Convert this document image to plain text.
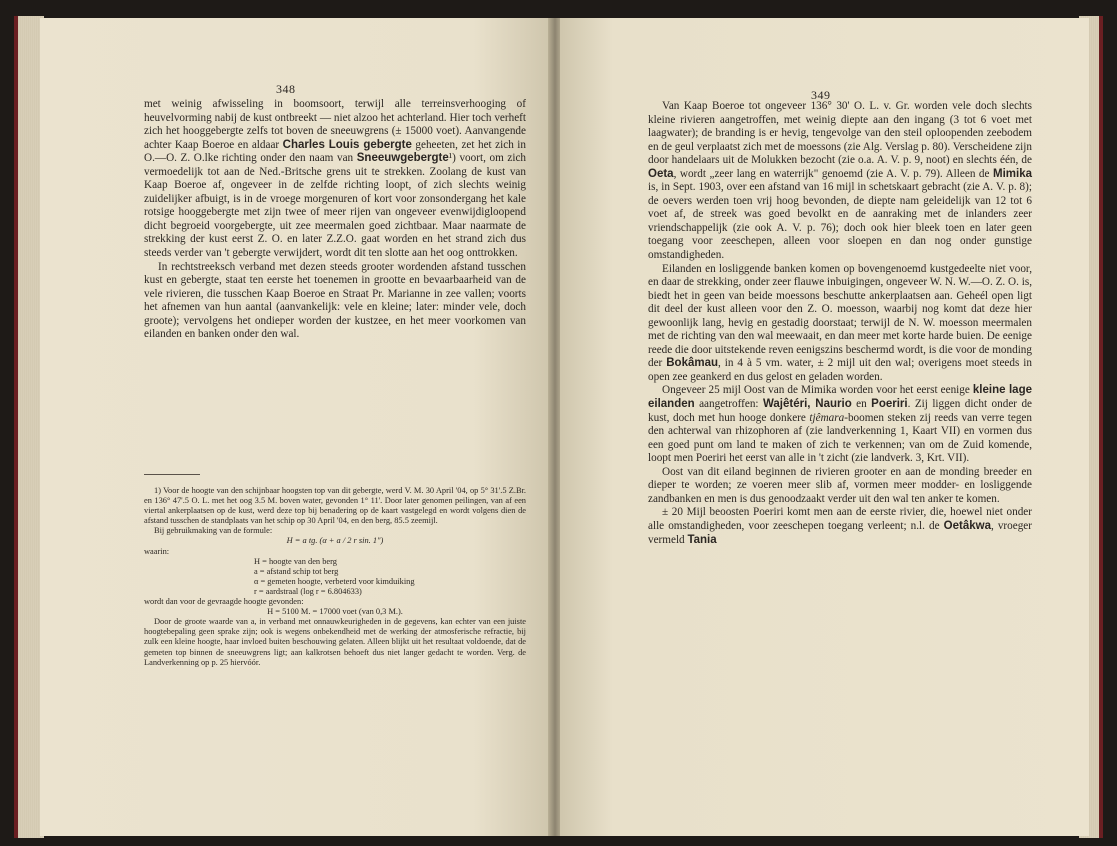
348

met weinig afwisseling in boomsoort, terwijl alle terreinsverhooging of heuvelvorming nabij de kust ontbreekt — niet alzoo het achterland. Hier toch verheft zich het hooggebergte zelfs tot boven de sneeuwgrens (± 15000 voet). Aanvangende achter Kaap Boeroe en aldaar Charles Louis gebergte geheeten, zet het zich in O.—O. Z. O.lke richting onder den naam van Sneeuwgebergte¹) voort, om zich vermoedelijk tot aan de Ned.-Britsche grens uit te strekken. Zoolang de kust van Kaap Boeroe af, ongeveer in de zelfde richting loopt, of zich slechts weinig zuidelijker afbuigt, is in de vroege morgenuren of kort voor zonsondergang het kale rotsige hooggebergte met zijn twee of meer rijen van ongeveer evenwijdigloopend dicht begroeid voorgebergte, uit zee meermalen goed zichtbaar. Maar naarmate de strekking der kust eerst Z. O. en later Z.Z.O. gaat worden en het strand zich dus steeds verder van 't gebergte verwijdert, wordt dit ten slotte aan het oog onttrokken.

In rechtstreeksch verband met dezen steeds grooter wordenden afstand tusschen kust en gebergte, staat ten eerste het toenemen in grootte en bevaarbaarheid van de vele rivieren, die tusschen Kaap Boeroe en Straat Pr. Marianne in zee vallen; voorts het afnemen van hun aantal (aanvankelijk: vele en kleine; later: minder vele, doch groote); vervolgens het ondieper worden der kustzee, en het meer voorkomen van eilanden en banken onder den wal.

1) Voor de hoogte van den schijnbaar hoogsten top van dit gebergte, werd V. M. 30 April '04, op 5° 31'.5 Z.Br. en 136° 47'.5 O. L. met het oog 3.5 M. boven water, gevonden 1° 11'. Door later genomen peilingen, van af een viertal ankerplaatsen op de kust, werd deze top bij benadering op de kaart vastgelegd en wordt volgens dien de afstand tusschen de standplaats van het schip op 30 April '04, en den berg, 85.5 zeemijl.

Bij gebruikmaking van de formule:

H = a tg. (α + a / 2 r sin. 1")

waarin:

H = hoogte van den berg
a = afstand schip tot berg
α = gemeten hoogte, verbeterd voor kimduiking
r = aardstraal (log r = 6.804633)

wordt dan voor de gevraagde hoogte gevonden:

H = 5100 M. = 17000 voet (van 0,3 M.).

Door de groote waarde van a, in verband met onnauwkeurigheden in de gegevens, kan echter van een juiste hoogtebepaling geen sprake zijn; ook is wegens onbekendheid met de werking der atmosferische refractie, bij zulk een kleine hoogte, haar invloed buiten beschouwing gelaten. Alleen blijkt uit het resultaat voldoende, dat de gemeten top binnen de sneeuwgrens ligt; aan kalkrotsen behoeft dus niet langer gedacht te worden. Verg. de Landverkenning op p. 25 hiervóór.

349

Van Kaap Boeroe tot ongeveer 136° 30' O. L. v. Gr. worden vele doch slechts kleine rivieren aangetroffen, met weinig diepte aan den ingang (3 tot 6 voet met laagwater); de branding is er hevig, tengevolge van den steil oploopenden zeebodem en de geul verplaatst zich met de moessons (zie Alg. Verslag p. 80). Verscheidene zijn door handelaars uit de Molukken bezocht (zie o.a. A. V. p. 9, noot) en slechts één, de Oeta, wordt „zeer lang en waterrijk" genoemd (zie A. V. p. 79). Alleen de Mimika is, in Sept. 1903, over een afstand van 16 mijl in schetskaart gebracht (zie A. V. p. 8); de oevers werden toen vrij hoog bevonden, de diepte nam geleidelijk van 12 tot 6 voet af, de streek was goed bevolkt en de aanraking met de inlanders zeer vriendschappelijk (zie ook A. V. p. 76); doch ook hier bleek toen en later geen toegang voor zeeschepen, alleen voor sloepen en dan nog onder gunstige omstandigheden.

Eilanden en losliggende banken komen op bovengenoemd kustgedeelte niet voor, en daar de strekking, onder zeer flauwe inbuigingen, ongeveer W. N. W.—O. Z. O. is, biedt het in geen van beide moessons beschutte ankerplaatsen aan. Geheél open ligt dit deel der kust alleen voor den Z. O. moesson, waarbij nog komt dat deze hier gewoonlijk lang, hevig en gestadig doorstaat; terwijl de N. W. moesson meermalen met de richting van den wal meewaait, en dan meer met korte harde buien. De eenige reede die door uitstekende reven eenigszins beschermd wordt, is die voor de monding der Bokâmau, in 4 à 5 vm. water, ± 2 mijl uit den wal; overigens moet steeds in open zee geankerd en dus gelost en geladen worden.

Ongeveer 25 mijl Oost van de Mimika worden voor het eerst eenige kleine lage eilanden aangetroffen: Wajêtéri, Naurio en Poeriri. Zij liggen dicht onder de kust, doch met hun hooge donkere tjêmara-boomen steken zij reeds van verre tegen den achterwal van rhizophoren af (zie landverkenning 1, Kaart VII) en vormen dus een goed punt om land te maken of zich te verkennen; van om de Zuid komende, loopt men Poeriri het eerst van alle in 't zicht (zie landverk. 3, Krt. VII).

Oost van dit eiland beginnen de rivieren grooter en aan de monding breeder en dieper te worden; ze voeren meer slib af, vormen meer modder- en losliggende zandbanken en men is dus genoodzaakt verder uit den wal ten anker te komen.

± 20 Mijl beoosten Poeriri komt men aan de eerste rivier, die, hoewel niet onder alle omstandigheden, voor zeeschepen toegang verleent; n.l. de Oetâkwa, vroeger vermeld Tania
